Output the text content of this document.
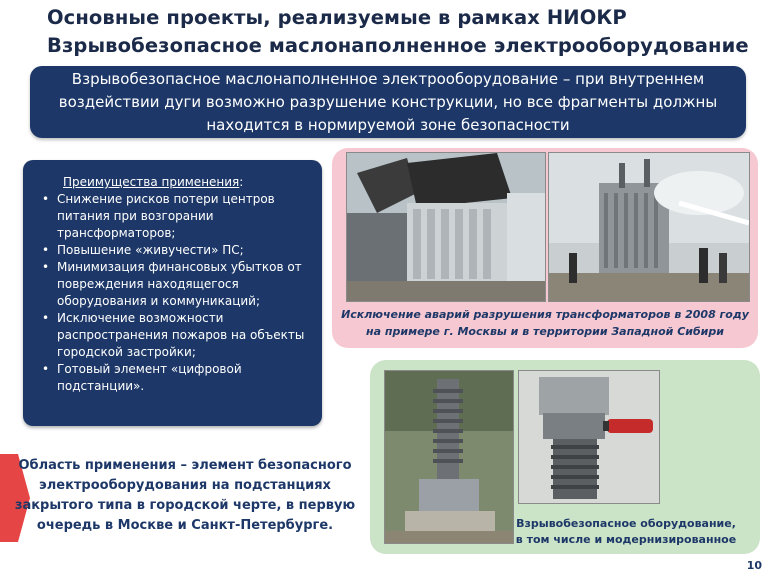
Основные проекты, реализуемые в рамках НИОКР
Взрывобезопасное маслонаполненное электрооборудование
Взрывобезопасное маслонаполненное электрооборудование – при внутреннем воздействии дуги возможно разрушение конструкции, но все фрагменты должны находится в нормируемой зоне безопасности
Преимущества применения:
• Снижение рисков потери центров питания при возгорании трансформаторов;
• Повышение «живучести» ПС;
• Минимизация финансовых убытков от повреждения находящегося оборудования и коммуникаций;
• Исключение возможности распространения пожаров на объекты городской застройки;
• Готовый элемент «цифровой подстанции».
Исключение аварий разрушения трансформаторов в 2008 году на примере г. Москвы и в территории Западной Сибири
Взрывобезопасное оборудование,
в том числе и модернизированное
Область применения – элемент безопасного электрооборудования на подстанциях закрытого типа в городской черте, в первую очередь в Москве и Санкт-Петербурге.
10
